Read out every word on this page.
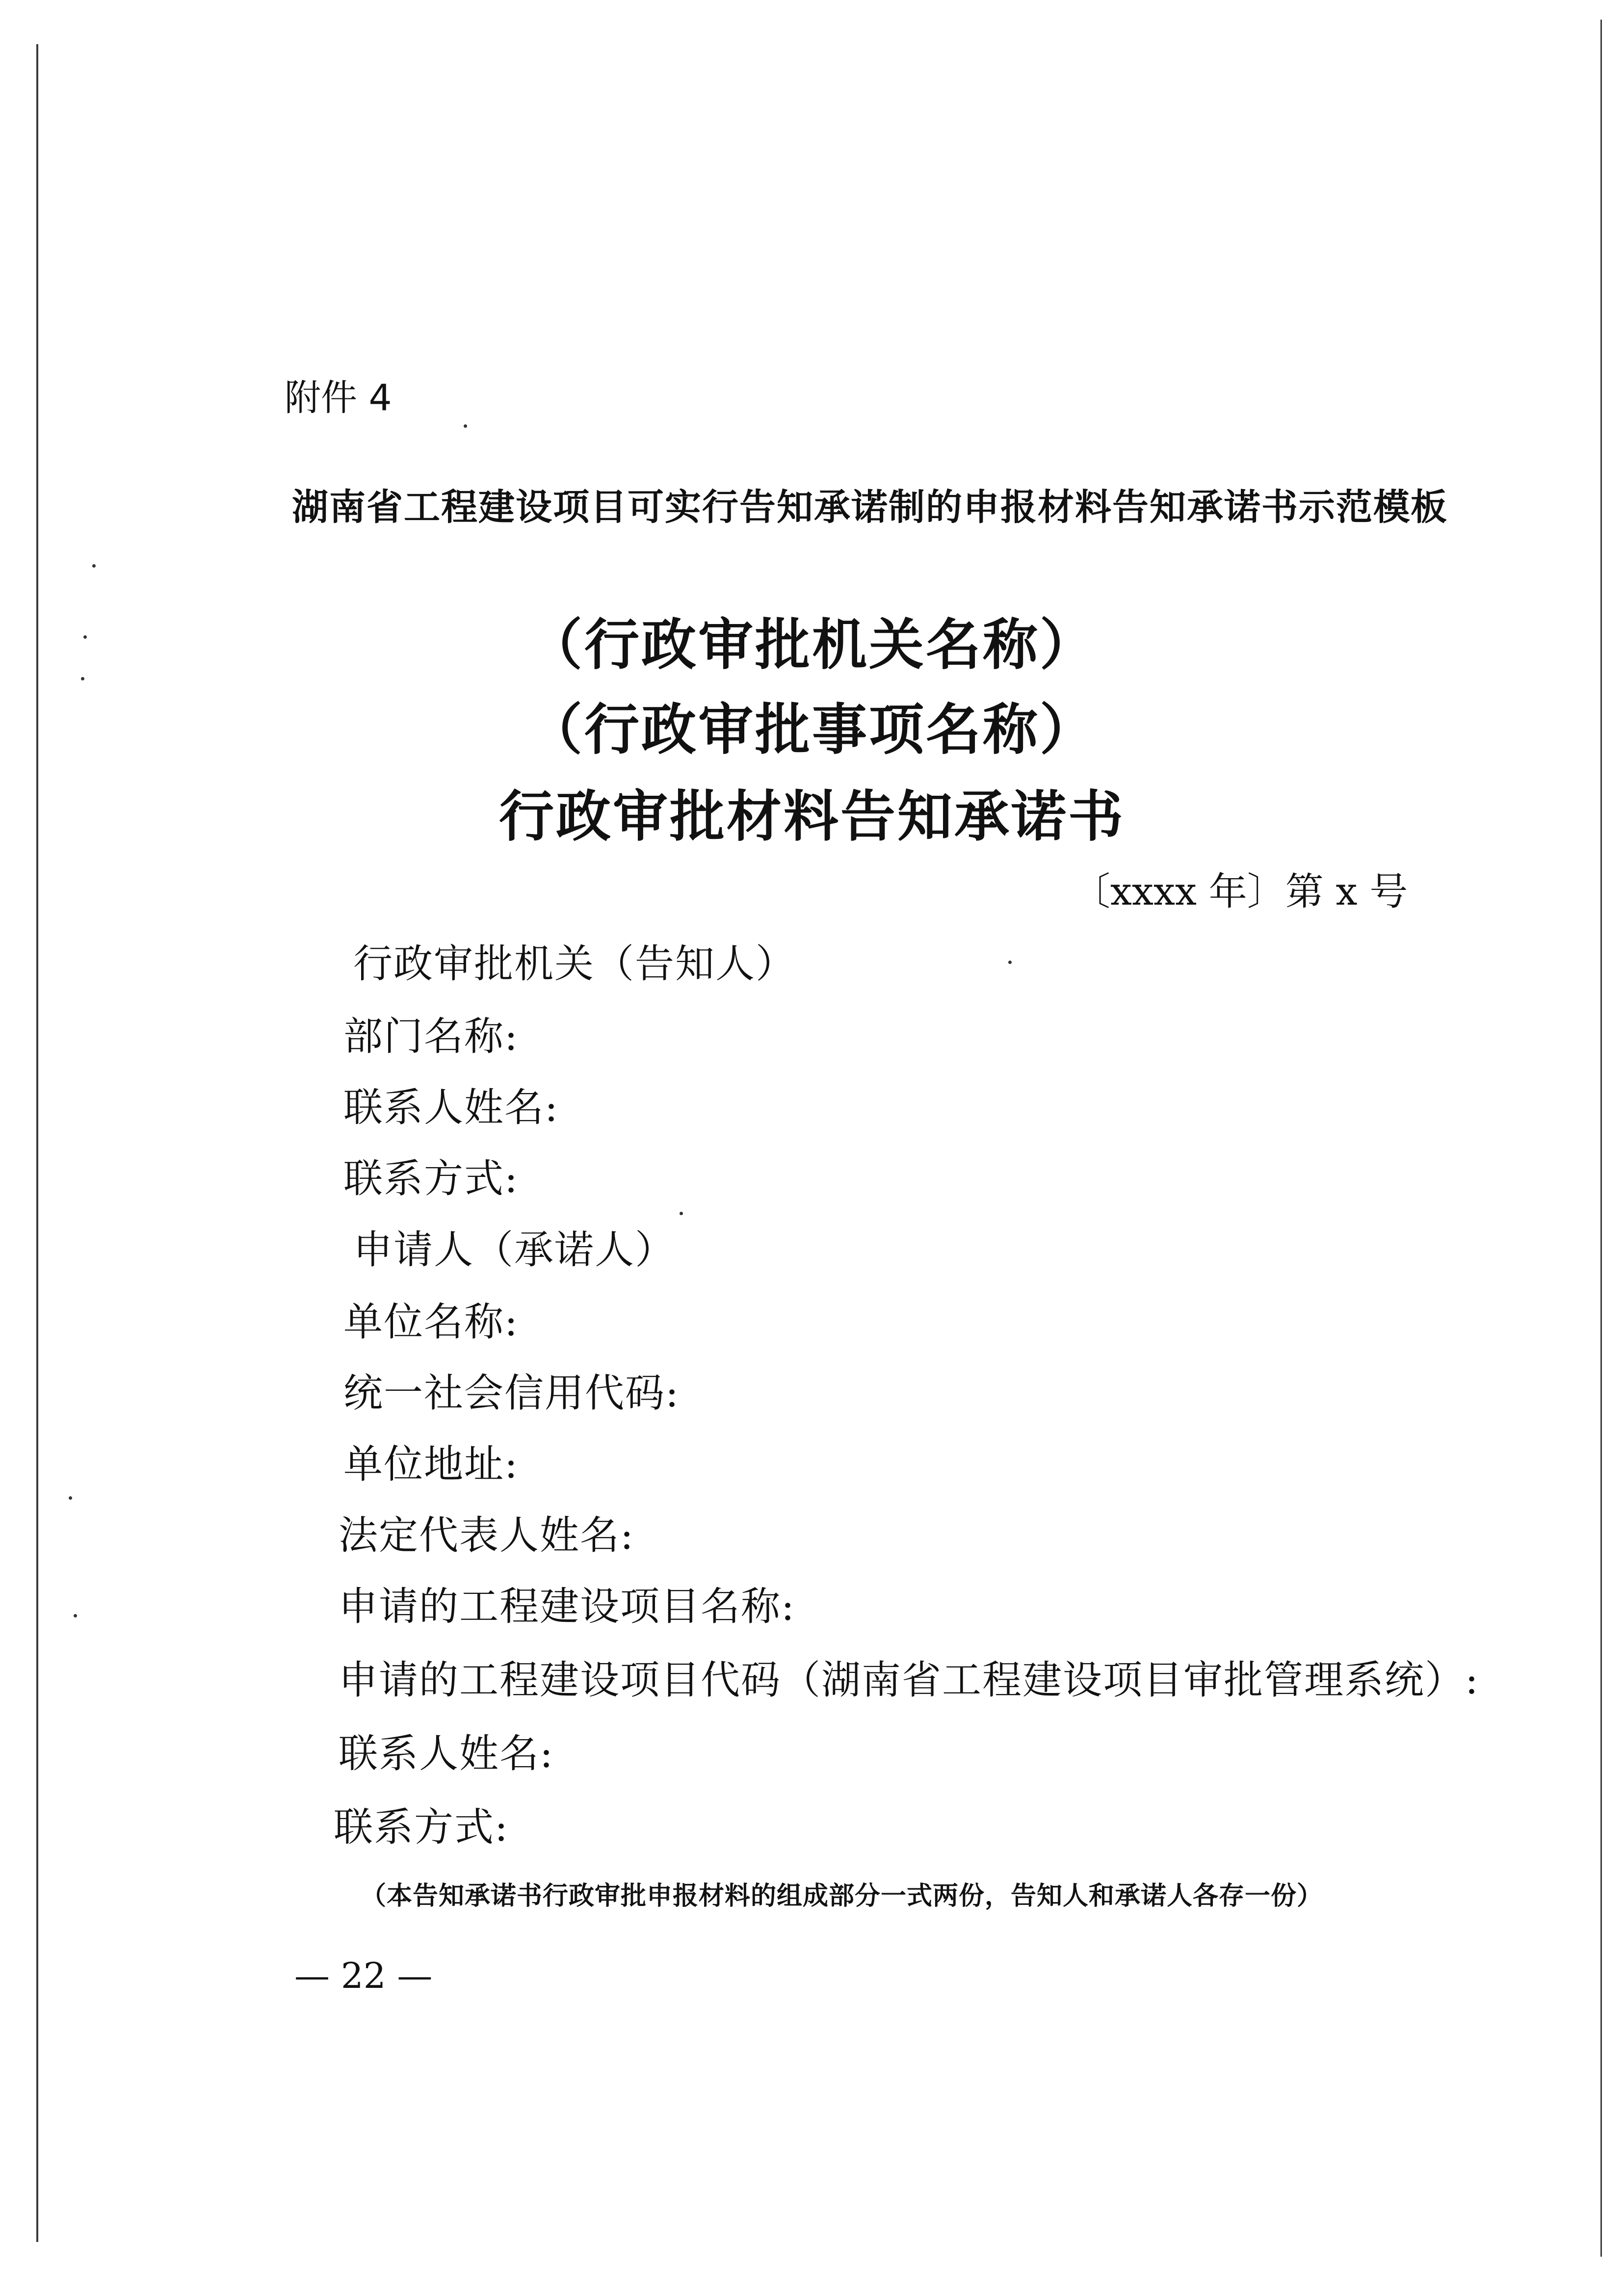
附件 4
湖南省工程建设项目可实行告知承诺制的申报材料告知承诺书示范模板
（行政审批机关名称）
（行政审批事项名称）
行政审批材料告知承诺书
〔xxxx 年〕第 x 号
行政审批机关（告知人）
部门名称:
联系人姓名:
联系方式:
申请人（承诺人）
单位名称:
统一社会信用代码:
单位地址:
法定代表人姓名:
申请的工程建设项目名称:
申请的工程建设项目代码（湖南省工程建设项目审批管理系统）:
联系人姓名:
联系方式:
（本告知承诺书行政审批申报材料的组成部分一式两份，告知人和承诺人各存一份）
— 22 —
